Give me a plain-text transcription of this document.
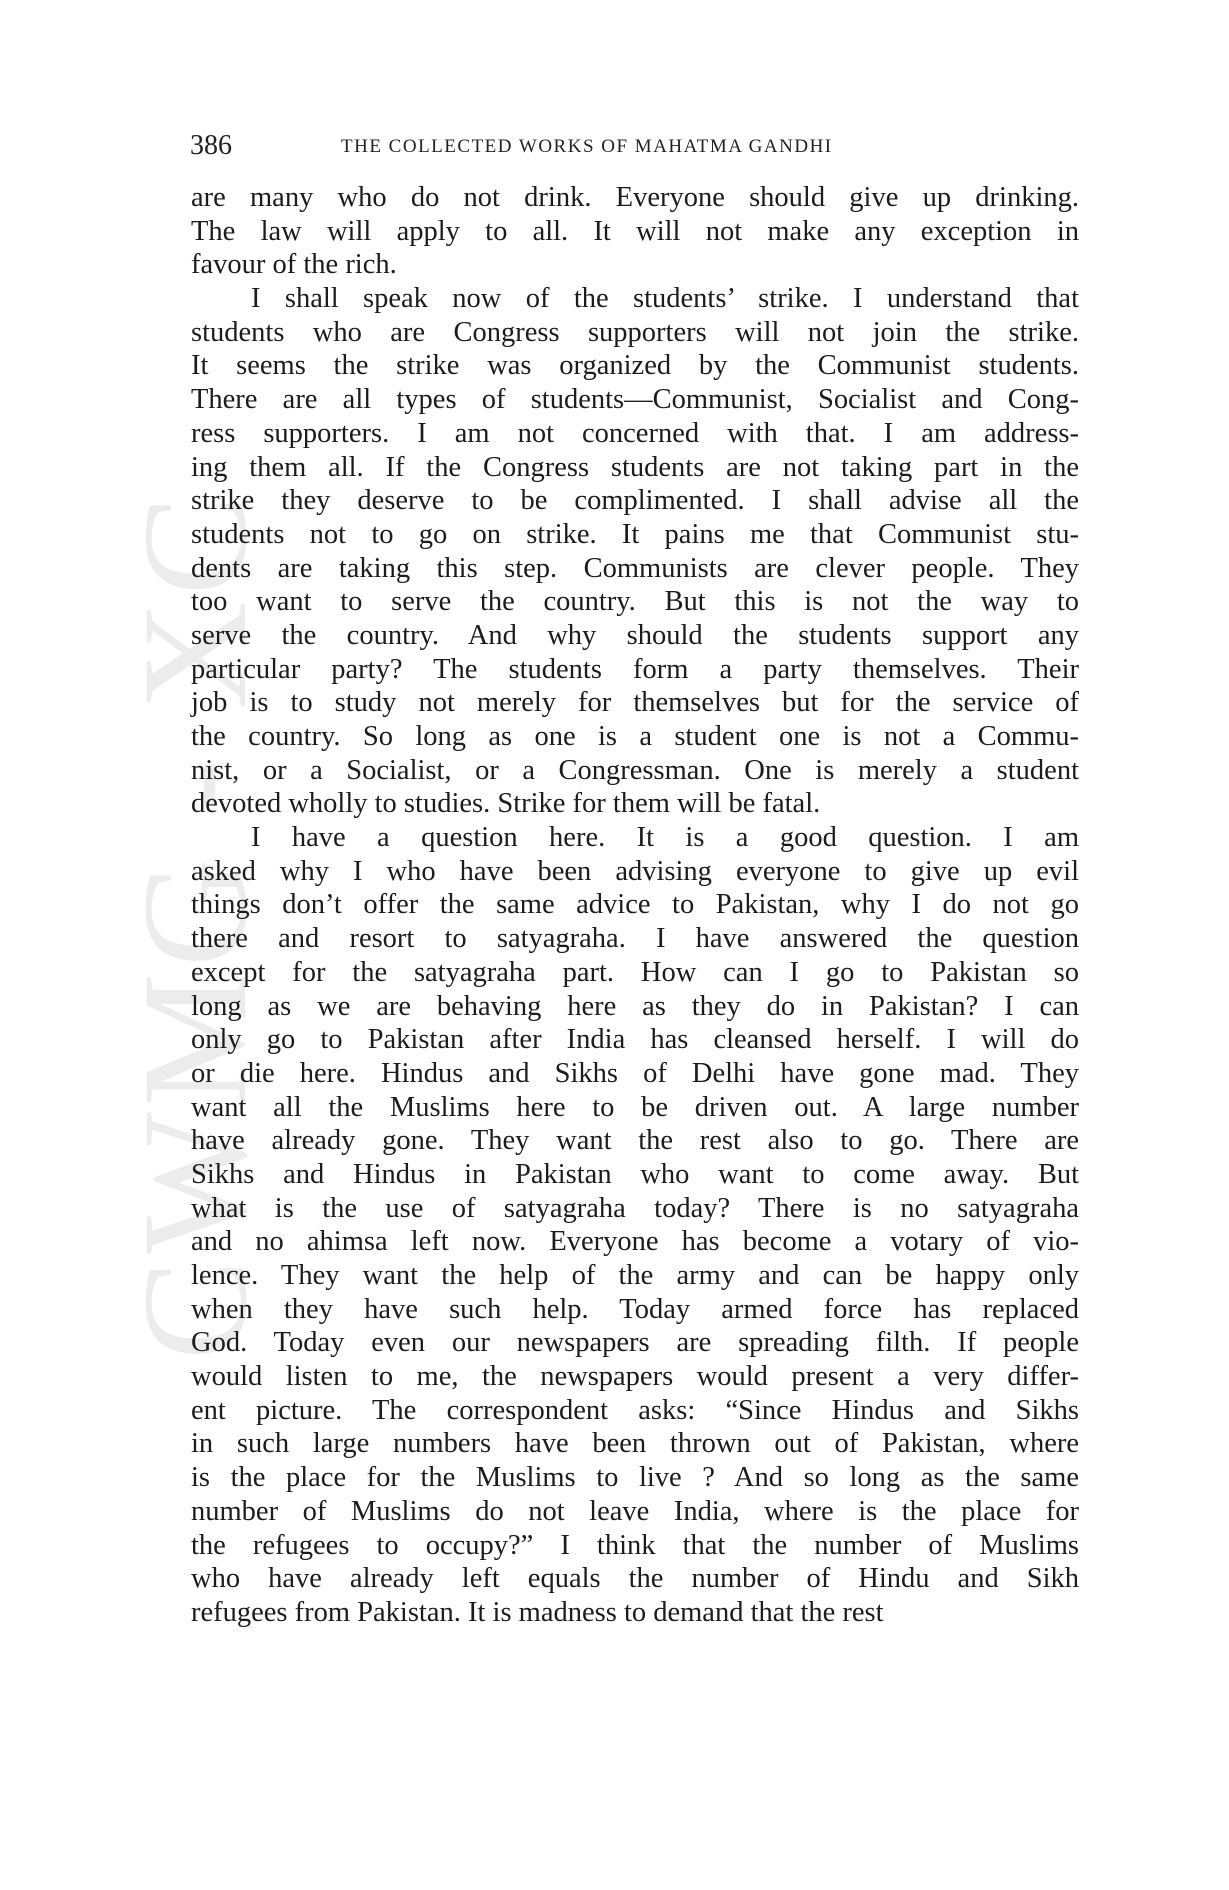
CWMG - XC
386	THE COLLECTED WORKS OF MAHATMA GANDHI
are many who do not drink. Everyone should give up drinking.
The law will apply to all. It will not make any exception in
favour of the rich.
I shall speak now of the students’ strike. I understand that
students who are Congress supporters will not join the strike.
It seems the strike was organized by the Communist students.
There are all types of students—Communist, Socialist and Cong-
ress supporters. I am not concerned with that. I am address-
ing them all. If the Congress students are not taking part in the
strike they deserve to be complimented. I shall advise all the
students not to go on strike. It pains me that Communist stu-
dents are taking this step. Communists are clever people. They
too want to serve the country. But this is not the way to
serve the country. And why should the students support any
particular party? The students form a party themselves. Their
job is to study not merely for themselves but for the service of
the country. So long as one is a student one is not a Commu-
nist, or a Socialist, or a Congressman. One is merely a student
devoted wholly to studies. Strike for them will be fatal.
I have a question here. It is a good question. I am
asked why I who have been advising everyone to give up evil
things don’t offer the same advice to Pakistan, why I do not go
there and resort to satyagraha. I have answered the question
except for the satyagraha part. How can I go to Pakistan so
long as we are behaving here as they do in Pakistan? I can
only go to Pakistan after India has cleansed herself. I will do
or die here. Hindus and Sikhs of Delhi have gone mad. They
want all the Muslims here to be driven out. A large number
have already gone. They want the rest also to go. There are
Sikhs and Hindus in Pakistan who want to come away. But
what is the use of satyagraha today? There is no satyagraha
and no ahimsa left now. Everyone has become a votary of vio-
lence. They want the help of the army and can be happy only
when they have such help. Today armed force has replaced
God. Today even our newspapers are spreading filth. If people
would listen to me, the newspapers would present a very differ-
ent picture. The correspondent asks: “Since Hindus and Sikhs
in such large numbers have been thrown out of Pakistan, where
is the place for the Muslims to live ? And so long as the same
number of Muslims do not leave India, where is the place for
the refugees to occupy?” I think that the number of Muslims
who have already left equals the number of Hindu and Sikh
refugees from Pakistan. It is madness to demand that the rest
